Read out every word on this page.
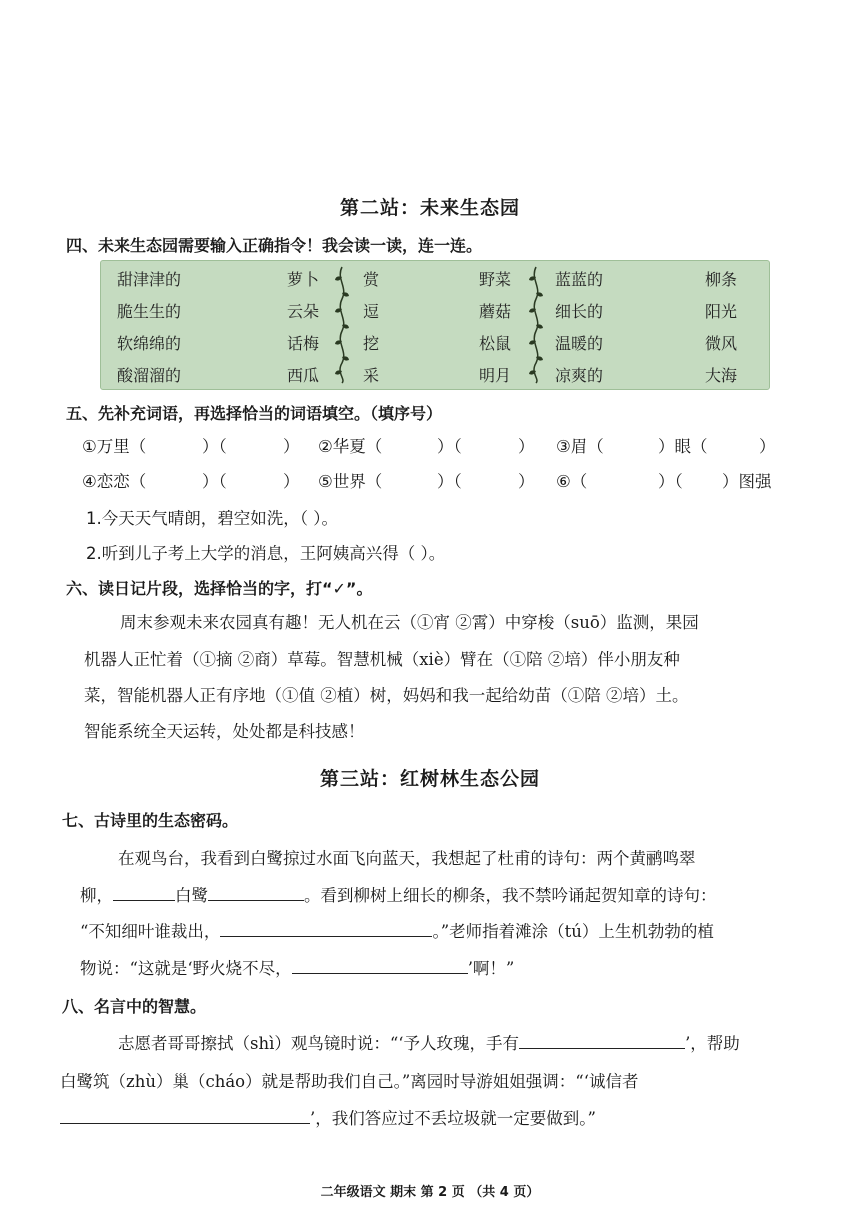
第二站：未来生态园
四、未来生态园需要输入正确指令！我会读一读，连一连。
甜津津的	萝卜	赏	野菜	蓝蓝的	柳条
脆生生的	云朵	逗	蘑菇	细长的	阳光
软绵绵的	话梅	挖	松鼠	温暖的	微风
酸溜溜的	西瓜	采	明月	凉爽的	大海
五、先补充词语，再选择恰当的词语填空。（填序号）
①万里（	）（	） ②华夏（	）（	） ③眉（	）眼（	）
④恋恋（	）（	） ⑤世界（	）（	） ⑥（	）（ ）图强
1.今天天气晴朗，碧空如洗，（ ）。
2.听到儿子考上大学的消息，王阿姨高兴得（ ）。
六、读日记片段，选择恰当的字，打“✓”。
周末参观未来农园真有趣！无人机在云（①宵 ②霄）中穿梭（suō）监测，果园
机器人正忙着（①摘 ②商）草莓。智慧机械（xiè）臂在（①陪 ②培）伴小朋友种
菜，智能机器人正有序地（①值 ②植）树，妈妈和我一起给幼苗（①陪 ②培）土。
智能系统全天运转，处处都是科技感！
第三站：红树林生态公园
七、古诗里的生态密码。
在观鸟台，我看到白鹭掠过水面飞向蓝天，我想起了杜甫的诗句：两个黄鹂鸣翠
柳，	白鹭	。看到柳树上细长的柳条，我不禁吟诵起贺知章的诗句：
“不知细叶谁裁出，	。”老师指着滩涂（tú）上生机勃勃的植
物说：“这就是‘野火烧不尽，	’啊！”
八、名言中的智慧。
志愿者哥哥擦拭（shì）观鸟镜时说：“‘予人玫瑰，手有	’，帮助
白鹭筑（zhù）巢（cháo）就是帮助我们自己。”离园时导游姐姐强调：“‘诚信者
’，我们答应过不丢垃圾就一定要做到。”
二年级语文 期末 第 2 页 （共 4 页）
